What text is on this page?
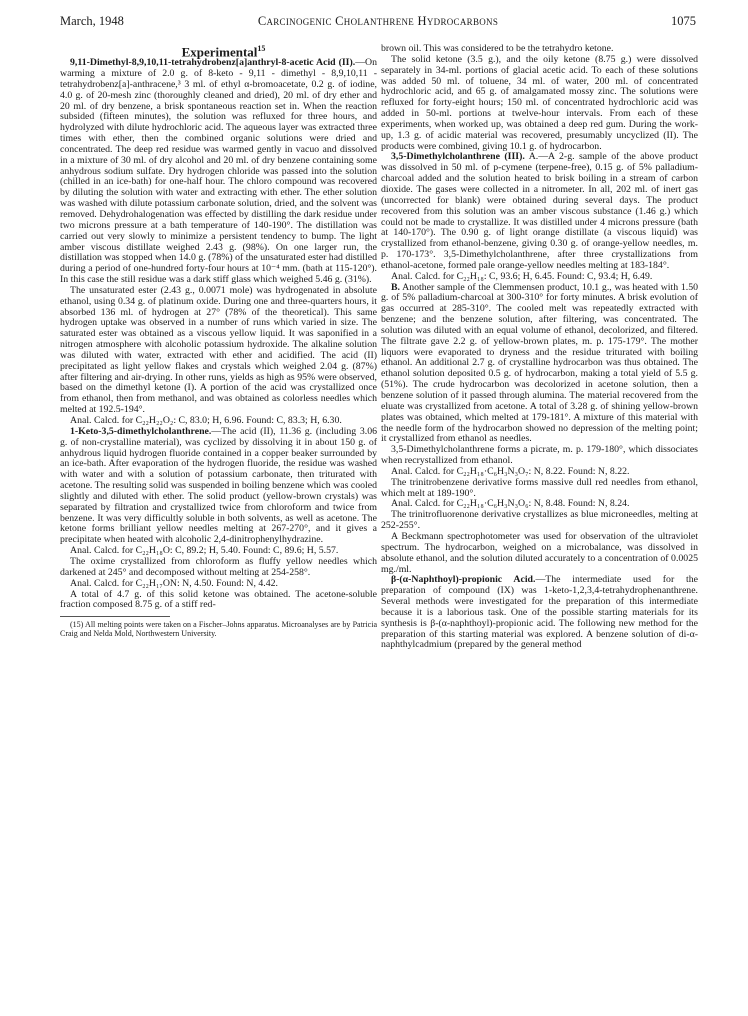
March, 1948	Carcinogenic Cholanthrene Hydrocarbons	1075

Experimental$^{15}$

9,11-Dimethyl-8,9,10,11-tetrahydrobenz[a]anthryl-8-acetic Acid (II).—On warming a mixture of 2.0 g. of 8-keto - 9,11 - dimethyl - 8,9,10,11 - tetrahydrobenz[a]-anthracene,³ 3 ml. of ethyl α-bromoacetate, 0.2 g. of iodine, 4.0 g. of 20-mesh zinc (thoroughly cleaned and dried), 20 ml. of dry ether and 20 ml. of dry benzene, a brisk spontaneous reaction set in. When the reaction subsided (fifteen minutes), the solution was refluxed for three hours, and hydrolyzed with dilute hydrochloric acid. The aqueous layer was extracted three times with ether, then the combined organic solutions were dried and concentrated. The deep red residue was warmed gently in vacuo and dissolved in a mixture of 30 ml. of dry alcohol and 20 ml. of dry benzene containing some anhydrous sodium sulfate. Dry hydrogen chloride was passed into the solution (chilled in an ice-bath) for one-half hour. The chloro compound was recovered by diluting the solution with water and extracting with ether. The ether solution was washed with dilute potassium carbonate solution, dried, and the solvent was removed. Dehydrohalogenation was effected by distilling the dark residue under two microns pressure at a bath temperature of 140-190°. The distillation was carried out very slowly to minimize a persistent tendency to bump. The light amber viscous distillate weighed 2.43 g. (98%). On one larger run, the distillation was stopped when 14.0 g. (78%) of the unsaturated ester had distilled during a period of one-hundred forty-four hours at 10⁻⁴ mm. (bath at 115-120°). In this case the still residue was a dark stiff glass which weighed 5.46 g. (31%).

The unsaturated ester (2.43 g., 0.0071 mole) was hydrogenated in absolute ethanol, using 0.34 g. of platinum oxide. During one and three-quarters hours, it absorbed 136 ml. of hydrogen at 27° (78% of the theoretical). This same hydrogen uptake was observed in a number of runs which varied in size. The saturated ester was obtained as a viscous yellow liquid. It was saponified in a nitrogen atmosphere with alcoholic potassium hydroxide. The alkaline solution was diluted with water, extracted with ether and acidified. The acid (II) precipitated as light yellow flakes and crystals which weighed 2.04 g. (87%) after filtering and air-drying. In other runs, yields as high as 95% were observed, based on the dimethyl ketone (I). A portion of the acid was crystallized once from ethanol, then from methanol, and was obtained as colorless needles which melted at 192.5-194°.

Anal. Calcd. for C₂₂H₂₂O₂: C, 83.0; H, 6.96. Found: C, 83.3; H, 6.30.

1-Keto-3,5-dimethylcholanthrene.—The acid (II), 11.36 g. (including 3.06 g. of non-crystalline material), was cyclized by dissolving it in about 150 g. of anhydrous liquid hydrogen fluoride contained in a copper beaker surrounded by an ice-bath. After evaporation of the hydrogen fluoride, the residue was washed with water and with a solution of potassium carbonate, then triturated with acetone. The resulting solid was suspended in boiling benzene which was cooled slightly and diluted with ether. The solid product (yellow-brown crystals) was separated by filtration and crystallized twice from chloroform and twice from benzene. It was very difficultly soluble in both solvents, as well as acetone. The ketone forms brilliant yellow needles melting at 267-270°, and it gives a precipitate when heated with alcoholic 2,4-dinitrophenylhydrazine.

Anal. Calcd. for C₂₂H₁₈O: C, 89.2; H, 5.40. Found: C, 89.6; H, 5.57.

The oxime crystallized from chloroform as fluffy yellow needles which darkened at 245° and decomposed without melting at 254-258°.

Anal. Calcd. for C₂₂H₁₇ON: N, 4.50. Found: N, 4.42.

A total of 4.7 g. of this solid ketone was obtained. The acetone-soluble fraction composed 8.75 g. of a stiff red-

(15) All melting points were taken on a Fischer–Johns apparatus. Microanalyses are by Patricia Craig and Nelda Mold, Northwestern University.

brown oil. This was considered to be the tetrahydro ketone.

The solid ketone (3.5 g.), and the oily ketone (8.75 g.) were dissolved separately in 34-ml. portions of glacial acetic acid. To each of these solutions was added 50 ml. of toluene, 34 ml. of water, 200 ml. of concentrated hydrochloric acid, and 65 g. of amalgamated mossy zinc. The solutions were refluxed for forty-eight hours; 150 ml. of concentrated hydrochloric acid was added in 50-ml. portions at twelve-hour intervals. From each of these experiments, when worked up, was obtained a deep red gum. During the work-up, 1.3 g. of acidic material was recovered, presumably uncyclized (II). The products were combined, giving 10.1 g. of hydrocarbon.

3,5-Dimethylcholanthrene (III). A.—A 2-g. sample of the above product was dissolved in 50 ml. of p-cymene (terpene-free), 0.15 g. of 5% palladium-charcoal added and the solution heated to brisk boiling in a stream of carbon dioxide. The gases were collected in a nitrometer. In all, 202 ml. of inert gas (uncorrected for blank) were obtained during several days. The product recovered from this solution was an amber viscous substance (1.46 g.) which could not be made to crystallize. It was distilled under 4 microns pressure (bath at 140-170°). The 0.90 g. of light orange distillate (a viscous liquid) was crystallized from ethanol-benzene, giving 0.30 g. of orange-yellow needles, m. p. 170-173°. 3,5-Dimethylcholanthrene, after three crystallizations from ethanol-acetone, formed pale orange-yellow needles melting at 183-184°.

Anal. Calcd. for C₂₂H₁₈: C, 93.6; H, 6.45. Found: C, 93.4; H, 6.49.

B. Another sample of the Clemmensen product, 10.1 g., was heated with 1.50 g. of 5% palladium-charcoal at 300-310° for forty minutes. A brisk evolution of gas occurred at 285-310°. The cooled melt was repeatedly extracted with benzene; and the benzene solution, after filtering, was concentrated. The solution was diluted with an equal volume of ethanol, decolorized, and filtered. The filtrate gave 2.2 g. of yellow-brown plates, m. p. 175-179°. The mother liquors were evaporated to dryness and the residue triturated with boiling ethanol. An additional 2.7 g. of crystalline hydrocarbon was thus obtained. The ethanol solution deposited 0.5 g. of hydrocarbon, making a total yield of 5.5 g. (51%). The crude hydrocarbon was decolorized in acetone solution, then a benzene solution of it passed through alumina. The material recovered from the eluate was crystallized from acetone. A total of 3.28 g. of shining yellow-brown plates was obtained, which melted at 179-181°. A mixture of this material with the needle form of the hydrocarbon showed no depression of the melting point; it crystallized from ethanol as needles.

3,5-Dimethylcholanthrene forms a picrate, m. p. 179-180°, which dissociates when recrystallized from ethanol.

Anal. Calcd. for C₂₂H₁₈·C₆H₃N₃O₇: N, 8.22. Found: N, 8.22.

The trinitrobenzene derivative forms massive dull red needles from ethanol, which melt at 189-190°.

Anal. Calcd. for C₂₂H₁₈·C₆H₃N₃O₆: N, 8.48. Found: N, 8.24.

The trinitrofluorenone derivative crystallizes as blue microneedles, melting at 252-255°.

A Beckmann spectrophotometer was used for observation of the ultraviolet spectrum. The hydrocarbon, weighed on a microbalance, was dissolved in absolute ethanol, and the solution diluted accurately to a concentration of 0.0025 mg./ml.

β-(α-Naphthoyl)-propionic Acid.—The intermediate used for the preparation of compound (IX) was 1-keto-1,2,3,4-tetrahydrophenanthrene. Several methods were investigated for the preparation of this intermediate because it is a laborious task. One of the possible starting materials for its synthesis is β-(α-naphthoyl)-propionic acid. The following new method for the preparation of this starting material was explored. A benzene solution of di-α-naphthylcadmium (prepared by the general method
